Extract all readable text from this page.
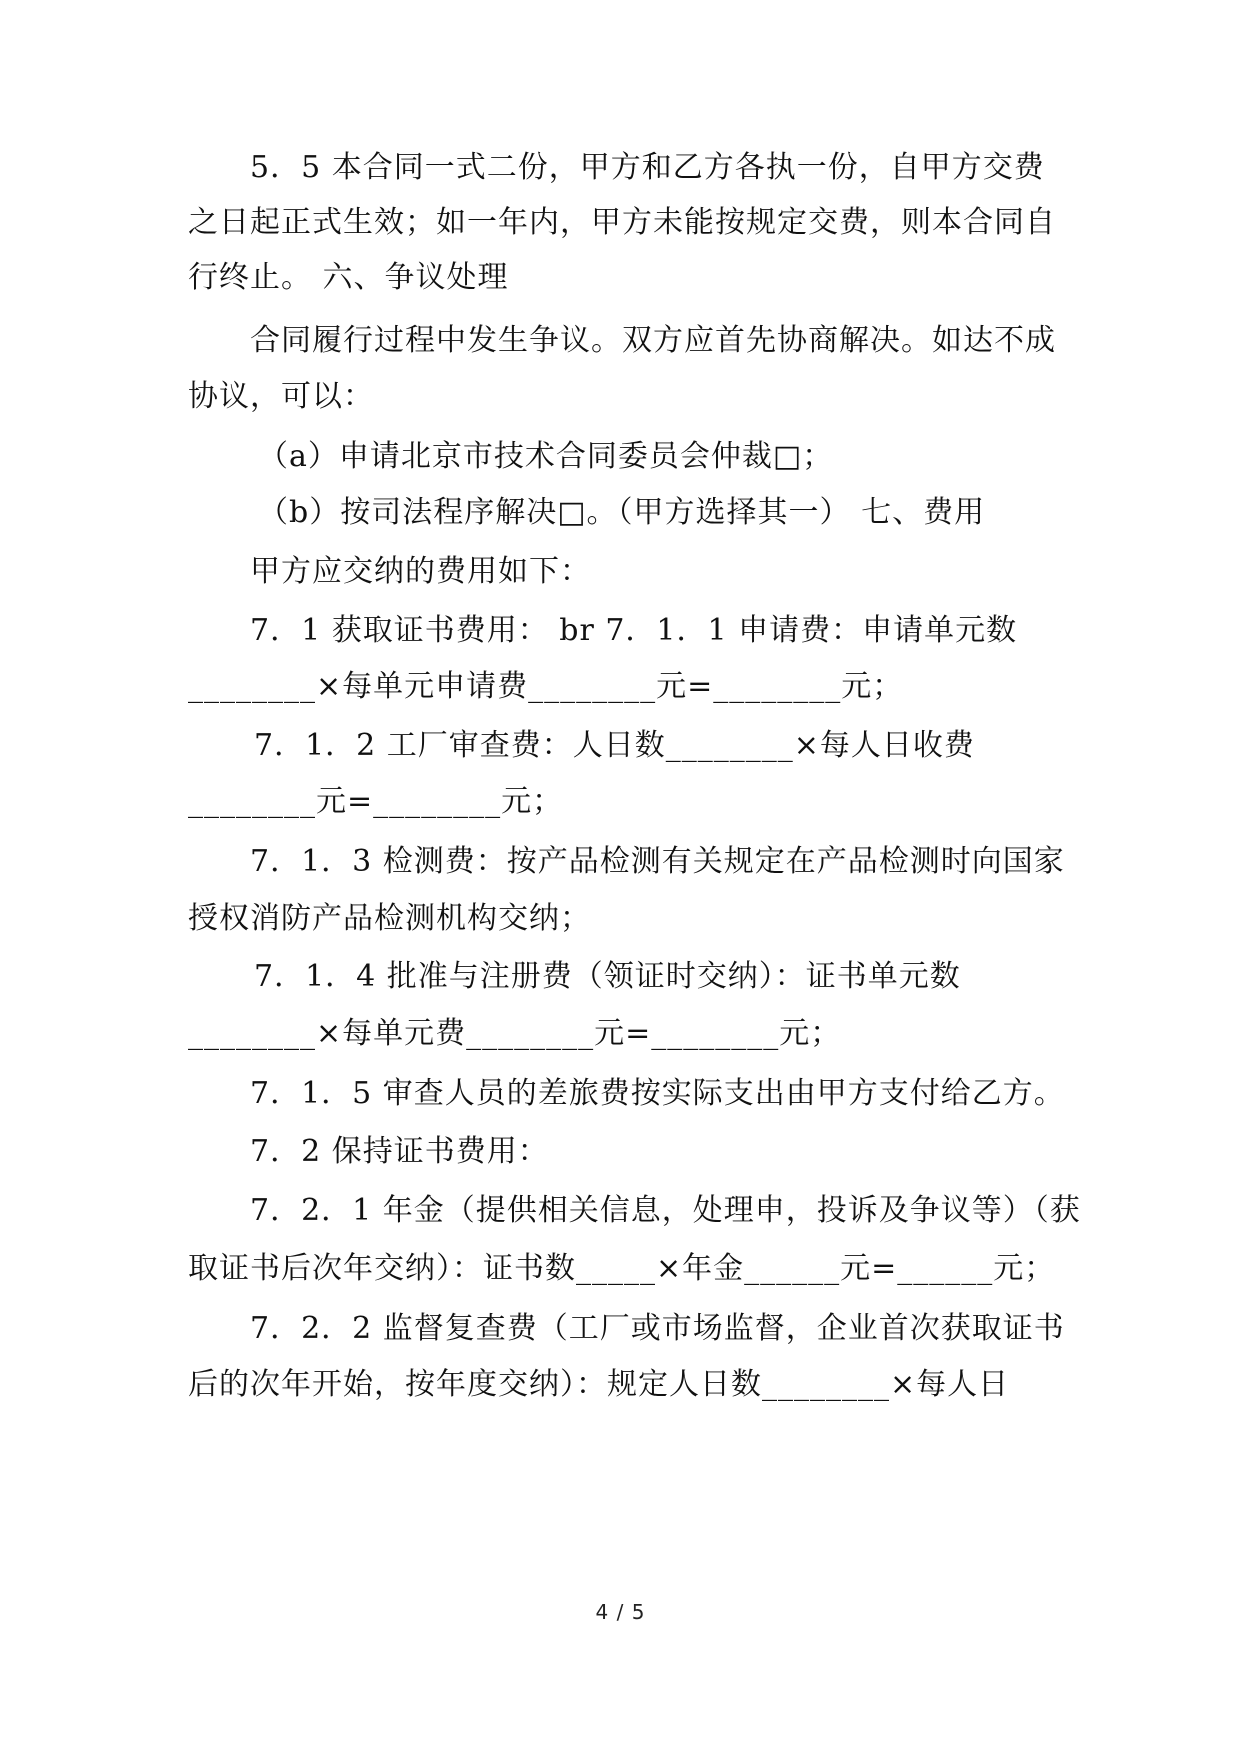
5．5 本合同一式二份，甲方和乙方各执一份，自甲方交费
之日起正式生效；如一年内，甲方未能按规定交费，则本合同自
行终止。 六、争议处理
合同履行过程中发生争议。双方应首先协商解决。如达不成
协议，可以：
（a）申请北京市技术合同委员会仲裁□；
（b）按司法程序解决□。（甲方选择其一） 七、费用
甲方应交纳的费用如下：
7．1 获取证书费用： br 7．1．1 申请费：申请单元数
________×每单元申请费________元=________元；
7．1．2 工厂审查费：人日数________×每人日收费
________元=________元；
7．1．3 检测费：按产品检测有关规定在产品检测时向国家
授权消防产品检测机构交纳；
7．1．4 批准与注册费（领证时交纳）：证书单元数
________×每单元费________元=________元；
7．1．5 审查人员的差旅费按实际支出由甲方支付给乙方。
7．2 保持证书费用：
7．2．1 年金（提供相关信息，处理申，投诉及争议等）（获
取证书后次年交纳）：证书数_____×年金______元=______元；
7．2．2 监督复查费（工厂或市场监督，企业首次获取证书
后的次年开始，按年度交纳）：规定人日数________×每人日
4 / 5
